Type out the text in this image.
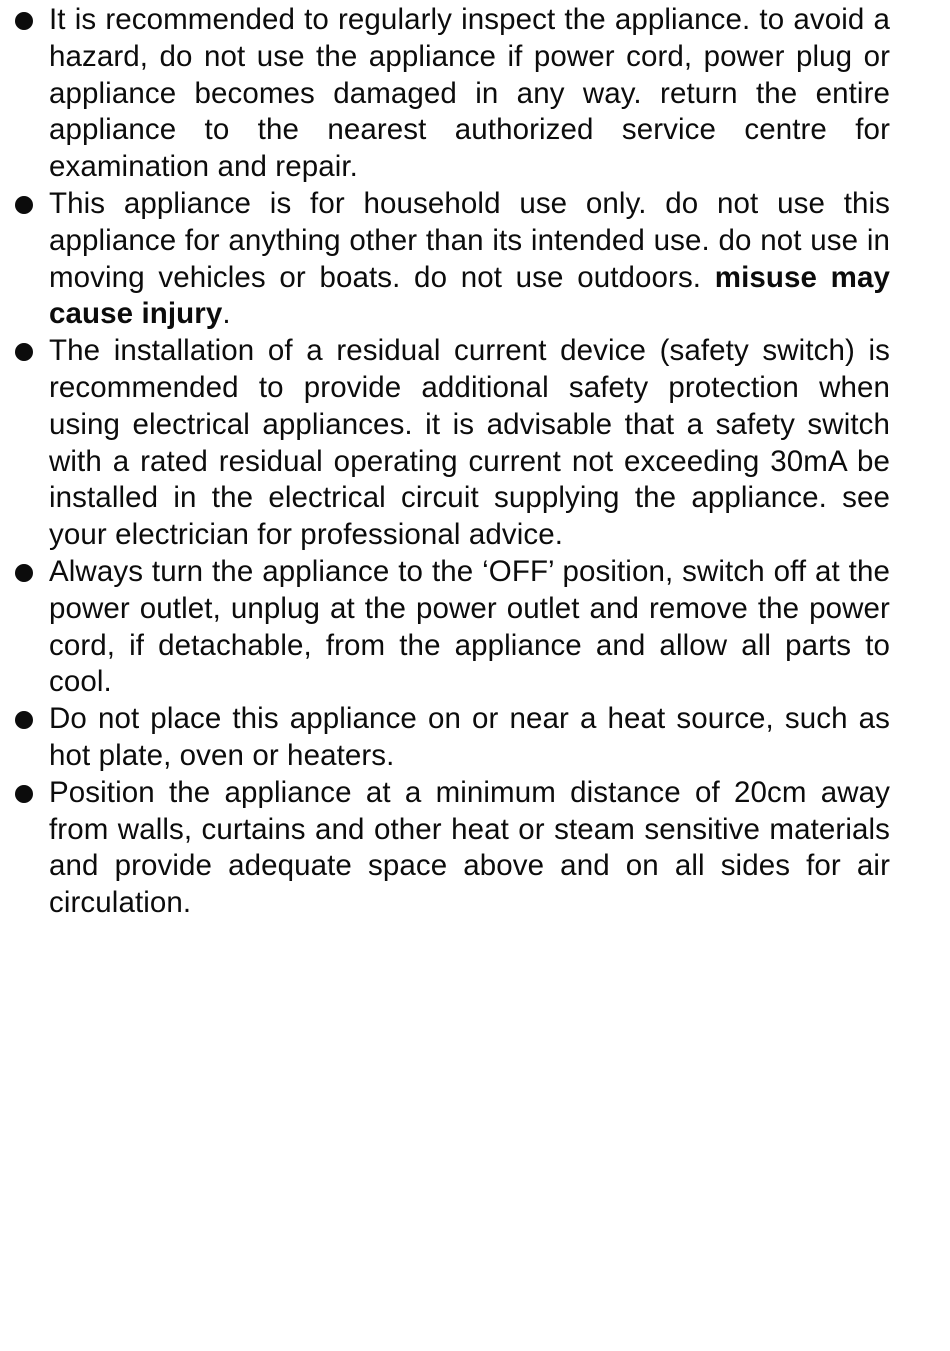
It is recommended to regularly inspect the appliance. to avoid a hazard, do not use the appliance if power cord, power plug or appliance becomes damaged in any way. return the entire appliance to the nearest authorized service centre for examination and repair.
This appliance is for household use only. do not use this appliance for anything other than its intended use. do not use in moving vehicles or boats. do not use outdoors. misuse may cause injury.
The installation of a residual current device (safety switch) is recommended to provide additional safety protection when using electrical appliances. it is advisable that a safety switch with a rated residual operating current not exceeding 30mA be installed in the electrical circuit supplying the appliance. see your electrician for professional advice.
Always turn the appliance to the ‘OFF’ position, switch off at the power outlet, unplug at the power outlet and remove the power cord, if detachable, from the appliance and allow all parts to cool.
Do not place this appliance on or near a heat source, such as hot plate, oven or heaters.
Position the appliance at a minimum distance of 20cm away from walls, curtains and other heat or steam sensitive materials and provide adequate space above and on all sides for air circulation.
